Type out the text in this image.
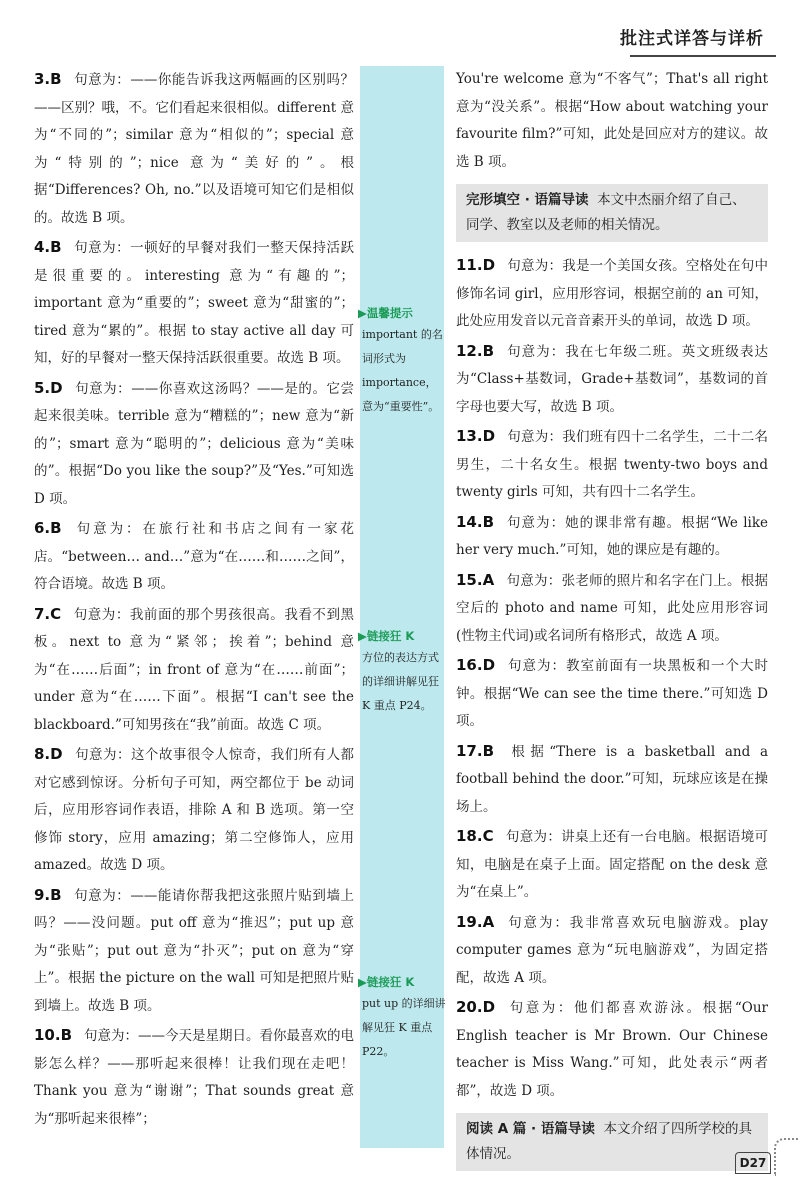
批注式详答与详析
3.B 句意为：——你能告诉我这两幅画的区别吗？——区别？哦，不。它们看起来很相似。different 意为“不同的”；similar 意为“相似的”；special 意为“特别的”；nice 意为“美好的”。根据“Differences? Oh, no.”以及语境可知它们是相似的。故选 B 项。
4.B 句意为：一顿好的早餐对我们一整天保持活跃是很重要的。interesting 意为“有趣的”；important 意为“重要的”；sweet 意为“甜蜜的”；tired 意为“累的”。根据 to stay active all day 可知，好的早餐对一整天保持活跃很重要。故选 B 项。
5.D 句意为：——你喜欢这汤吗？——是的。它尝起来很美味。terrible 意为“糟糕的”；new 意为“新的”；smart 意为“聪明的”；delicious 意为“美味的”。根据“Do you like the soup?”及“Yes.”可知选 D 项。
6.B 句意为：在旅行社和书店之间有一家花店。“between… and…”意为“在……和……之间”，符合语境。故选 B 项。
7.C 句意为：我前面的那个男孩很高。我看不到黑板。next to 意为“紧邻；挨着”；behind 意为“在……后面”；in front of 意为“在……前面”；under 意为“在……下面”。根据“I can't see the blackboard.”可知男孩在“我”前面。故选 C 项。
8.D 句意为：这个故事很令人惊奇，我们所有人都对它感到惊讶。分析句子可知，两空都位于 be 动词后，应用形容词作表语，排除 A 和 B 选项。第一空修饰 story，应用 amazing；第二空修饰人，应用 amazed。故选 D 项。
9.B 句意为：——能请你帮我把这张照片贴到墙上吗？——没问题。put off 意为“推迟”；put up 意为“张贴”；put out 意为“扑灭”；put on 意为“穿上”。根据 the picture on the wall 可知是把照片贴到墙上。故选 B 项。
10.B 句意为：——今天是星期日。看你最喜欢的电影怎么样？——那听起来很棒！让我们现在走吧！Thank you 意为“谢谢”；That sounds great 意为“那听起来很棒”；
▶温馨提示
important 的名词形式为 importance，意为“重要性”。
▶链接狂 K
方位的表达方式的详细讲解见狂 K 重点 P24。
▶链接狂 K
put up 的详细讲解见狂 K 重点 P22。
You're welcome 意为“不客气”；That's all right 意为“没关系”。根据“How about watching your favourite film?”可知，此处是回应对方的建议。故选 B 项。
完形填空 · 语篇导读 本文中杰丽介绍了自己、同学、教室以及老师的相关情况。
11.D 句意为：我是一个美国女孩。空格处在句中修饰名词 girl，应用形容词，根据空前的 an 可知，此处应用发音以元音音素开头的单词，故选 D 项。
12.B 句意为：我在七年级二班。英文班级表达为“Class+基数词，Grade+基数词”，基数词的首字母也要大写，故选 B 项。
13.D 句意为：我们班有四十二名学生，二十二名男生，二十名女生。根据 twenty-two boys and twenty girls 可知，共有四十二名学生。
14.B 句意为：她的课非常有趣。根据“We like her very much.”可知，她的课应是有趣的。
15.A 句意为：张老师的照片和名字在门上。根据空后的 photo and name 可知，此处应用形容词(性物主代词)或名词所有格形式，故选 A 项。
16.D 句意为：教室前面有一块黑板和一个大时钟。根据“We can see the time there.”可知选 D 项。
17.B 根据“There is a basketball and a football behind the door.”可知，玩球应该是在操场上。
18.C 句意为：讲桌上还有一台电脑。根据语境可知，电脑是在桌子上面。固定搭配 on the desk 意为“在桌上”。
19.A 句意为：我非常喜欢玩电脑游戏。play computer games 意为“玩电脑游戏”，为固定搭配，故选 A 项。
20.D 句意为：他们都喜欢游泳。根据“Our English teacher is Mr Brown. Our Chinese teacher is Miss Wang.”可知，此处表示“两者都”，故选 D 项。
阅读 A 篇 · 语篇导读 本文介绍了四所学校的具体情况。
D27
